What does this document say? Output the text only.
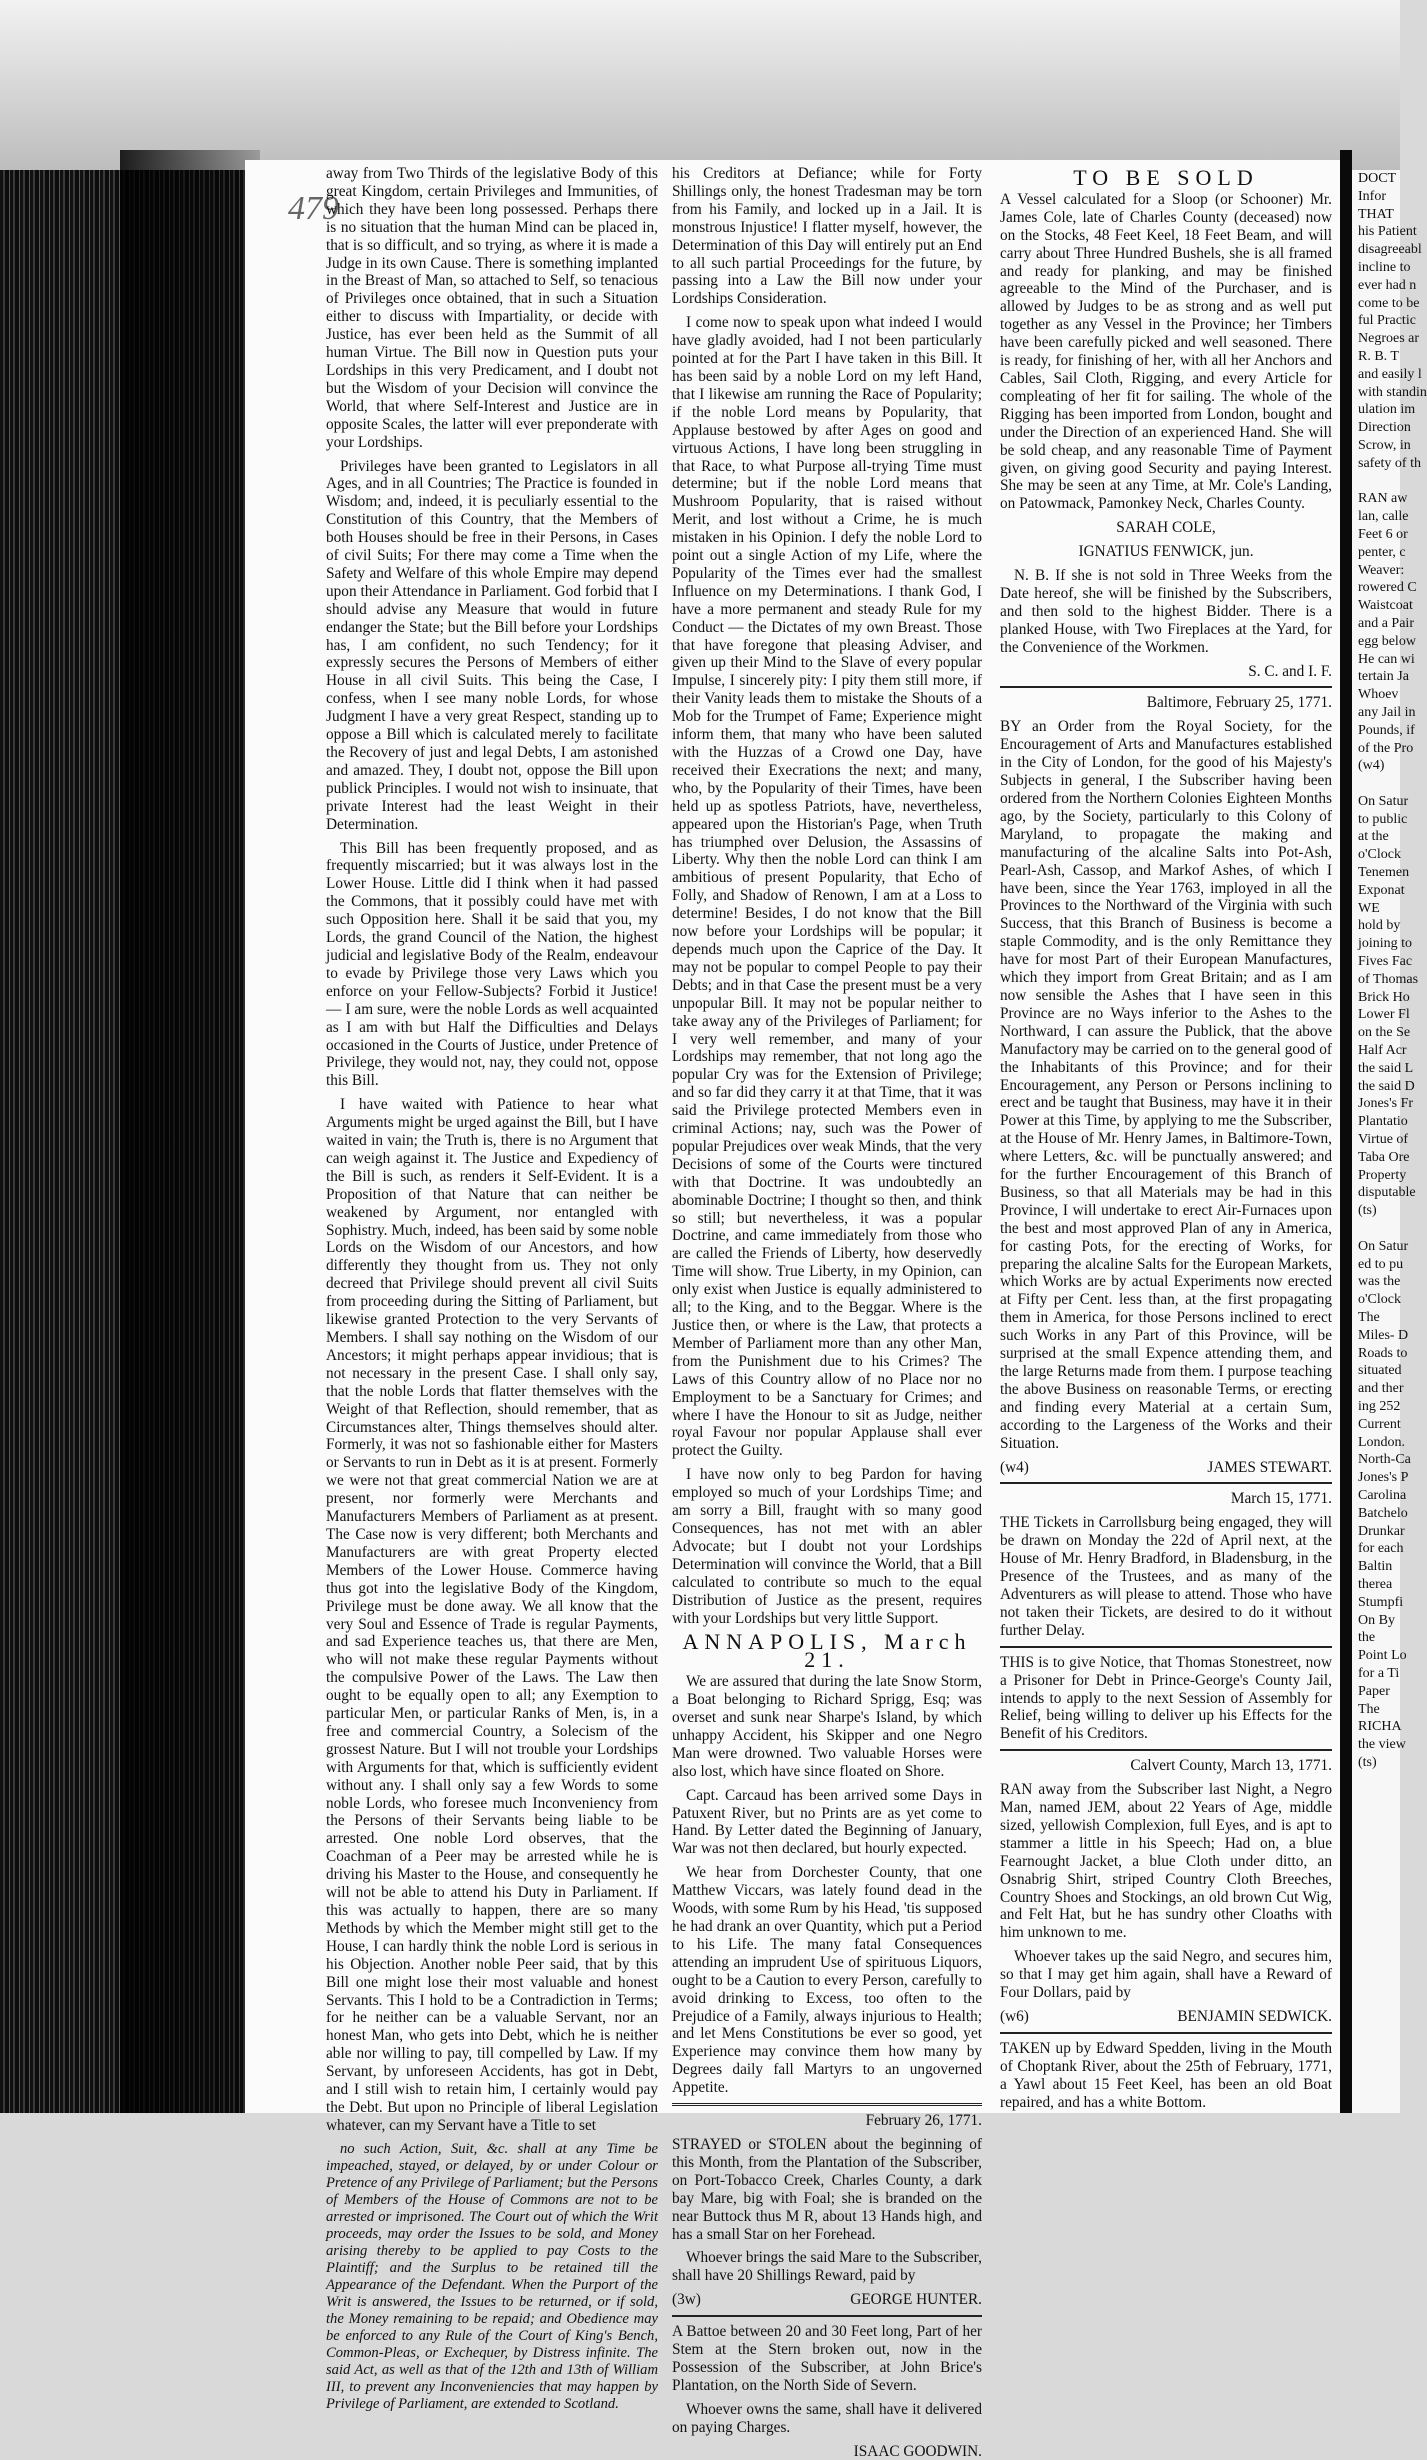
DOCT
Infor
THAT
his Patient
disagreeabl
incline to
ever had n
come to be
ful Practic
Negroes ar
R. B. T
and easily l
with standin
ulation im
Direction
Scrow, in
safety of th
RAN aw
lan, calle
Feet 6 or
penter, c
Weaver:
rowered C
Waistcoat
and a Pair
egg below
He can wi
tertain Ja
Whoev
any Jail in
Pounds, if
of the Pro
(w4)
On Satur
to public
at the
o'Clock
Tenemen
Exponat
WE
hold by
joining to
Fives Fac
of Thomas
Brick Ho
Lower Fl
on the Se
Half Acr
the said L
the said D
Jones's Fr
Plantatio
Virtue of
Taba Ore
Property
disputable
(ts)
On Satur
ed to pu
was the
o'Clock
The
Miles- D
Roads to
situated
and ther
ing 252
Current
London.
North-Ca
Jones's P
Carolina
Batchelo
Drunkar
for each
Baltin
therea
Stumpfi
On By
the
Point Lo
for a Ti
Paper
The
RICHA
the view
(ts)
479

away from Two Thirds of the legislative Body of this great Kingdom, certain Privileges and Immunities, of which they have been long possessed. Perhaps there is no situation that the human Mind can be placed in, that is so difficult, and so trying, as where it is made a Judge in its own Cause. There is something implanted in the Breast of Man, so attached to Self, so tenacious of Privileges once obtained, that in such a Situation either to discuss with Impartiality, or decide with Justice, has ever been held as the Summit of all human Virtue. The Bill now in Question puts your Lordships in this very Predicament, and I doubt not but the Wisdom of your Decision will convince the World, that where Self-Interest and Justice are in opposite Scales, the latter will ever preponderate with your Lordships.

Privileges have been granted to Legislators in all Ages, and in all Countries; The Practice is founded in Wisdom; and, indeed, it is peculiarly essential to the Constitution of this Country, that the Members of both Houses should be free in their Persons, in Cases of civil Suits; For there may come a Time when the Safety and Welfare of this whole Empire may depend upon their Attendance in Parliament. God forbid that I should advise any Measure that would in future endanger the State; but the Bill before your Lordships has, I am confident, no such Tendency; for it expressly secures the Persons of Members of either House in all civil Suits. This being the Case, I confess, when I see many noble Lords, for whose Judgment I have a very great Respect, standing up to oppose a Bill which is calculated merely to facilitate the Recovery of just and legal Debts, I am astonished and amazed. They, I doubt not, oppose the Bill upon publick Principles. I would not wish to insinuate, that private Interest had the least Weight in their Determination.

This Bill has been frequently proposed, and as frequently miscarried; but it was always lost in the Lower House. Little did I think when it had passed the Commons, that it possibly could have met with such Opposition here. Shall it be said that you, my Lords, the grand Council of the Nation, the highest judicial and legislative Body of the Realm, endeavour to evade by Privilege those very Laws which you enforce on your Fellow-Subjects? Forbid it Justice! — I am sure, were the noble Lords as well acquainted as I am with but Half the Difficulties and Delays occasioned in the Courts of Justice, under Pretence of Privilege, they would not, nay, they could not, oppose this Bill.

I have waited with Patience to hear what Arguments might be urged against the Bill, but I have waited in vain; the Truth is, there is no Argument that can weigh against it. The Justice and Expediency of the Bill is such, as renders it Self-Evident. It is a Proposition of that Nature that can neither be weakened by Argument, nor entangled with Sophistry. Much, indeed, has been said by some noble Lords on the Wisdom of our Ancestors, and how differently they thought from us. They not only decreed that Privilege should prevent all civil Suits from proceeding during the Sitting of Parliament, but likewise granted Protection to the very Servants of Members. I shall say nothing on the Wisdom of our Ancestors; it might perhaps appear invidious; that is not necessary in the present Case. I shall only say, that the noble Lords that flatter themselves with the Weight of that Reflection, should remember, that as Circumstances alter, Things themselves should alter. Formerly, it was not so fashionable either for Masters or Servants to run in Debt as it is at present. Formerly we were not that great commercial Nation we are at present, nor formerly were Merchants and Manufacturers Members of Parliament as at present. The Case now is very different; both Merchants and Manufacturers are with great Property elected Members of the Lower House. Commerce having thus got into the legislative Body of the Kingdom, Privilege must be done away. We all know that the very Soul and Essence of Trade is regular Payments, and sad Experience teaches us, that there are Men, who will not make these regular Payments without the compulsive Power of the Laws. The Law then ought to be equally open to all; any Exemption to particular Men, or particular Ranks of Men, is, in a free and commercial Country, a Solecism of the grossest Nature. But I will not trouble your Lordships with Arguments for that, which is sufficiently evident without any. I shall only say a few Words to some noble Lords, who foresee much Inconveniency from the Persons of their Servants being liable to be arrested. One noble Lord observes, that the Coachman of a Peer may be arrested while he is driving his Master to the House, and consequently he will not be able to attend his Duty in Parliament. If this was actually to happen, there are so many Methods by which the Member might still get to the House, I can hardly think the noble Lord is serious in his Objection. Another noble Peer said, that by this Bill one might lose their most valuable and honest Servants. This I hold to be a Contradiction in Terms; for he neither can be a valuable Servant, nor an honest Man, who gets into Debt, which he is neither able nor willing to pay, till compelled by Law. If my Servant, by unforeseen Accidents, has got in Debt, and I still wish to retain him, I certainly would pay the Debt. But upon no Principle of liberal Legislation whatever, can my Servant have a Title to set

no such Action, Suit, &c. shall at any Time be impeached, stayed, or delayed, by or under Colour or Pretence of any Privilege of Parliament; but the Persons of Members of the House of Commons are not to be arrested or imprisoned. The Court out of which the Writ proceeds, may order the Issues to be sold, and Money arising thereby to be applied to pay Costs to the Plaintiff; and the Surplus to be retained till the Appearance of the Defendant. When the Purport of the Writ is answered, the Issues to be returned, or if sold, the Money remaining to be repaid; and Obedience may be enforced to any Rule of the Court of King's Bench, Common-Pleas, or Exchequer, by Distress infinite. The said Act, as well as that of the 12th and 13th of William III, to prevent any Inconveniencies that may happen by Privilege of Parliament, are extended to Scotland.

his Creditors at Defiance; while for Forty Shillings only, the honest Tradesman may be torn from his Family, and locked up in a Jail. It is monstrous Injustice! I flatter myself, however, the Determination of this Day will entirely put an End to all such partial Proceedings for the future, by passing into a Law the Bill now under your Lordships Consideration.

I come now to speak upon what indeed I would have gladly avoided, had I not been particularly pointed at for the Part I have taken in this Bill. It has been said by a noble Lord on my left Hand, that I likewise am running the Race of Popularity; if the noble Lord means by Popularity, that Applause bestowed by after Ages on good and virtuous Actions, I have long been struggling in that Race, to what Purpose all-trying Time must determine; but if the noble Lord means that Mushroom Popularity, that is raised without Merit, and lost without a Crime, he is much mistaken in his Opinion. I defy the noble Lord to point out a single Action of my Life, where the Popularity of the Times ever had the smallest Influence on my Determinations. I thank God, I have a more permanent and steady Rule for my Conduct — the Dictates of my own Breast. Those that have foregone that pleasing Adviser, and given up their Mind to the Slave of every popular Impulse, I sincerely pity: I pity them still more, if their Vanity leads them to mistake the Shouts of a Mob for the Trumpet of Fame; Experience might inform them, that many who have been saluted with the Huzzas of a Crowd one Day, have received their Execrations the next; and many, who, by the Popularity of their Times, have been held up as spotless Patriots, have, nevertheless, appeared upon the Historian's Page, when Truth has triumphed over Delusion, the Assassins of Liberty. Why then the noble Lord can think I am ambitious of present Popularity, that Echo of Folly, and Shadow of Renown, I am at a Loss to determine! Besides, I do not know that the Bill now before your Lordships will be popular; it depends much upon the Caprice of the Day. It may not be popular to compel People to pay their Debts; and in that Case the present must be a very unpopular Bill. It may not be popular neither to take away any of the Privileges of Parliament; for I very well remember, and many of your Lordships may remember, that not long ago the popular Cry was for the Extension of Privilege; and so far did they carry it at that Time, that it was said the Privilege protected Members even in criminal Actions; nay, such was the Power of popular Prejudices over weak Minds, that the very Decisions of some of the Courts were tinctured with that Doctrine. It was undoubtedly an abominable Doctrine; I thought so then, and think so still; but nevertheless, it was a popular Doctrine, and came immediately from those who are called the Friends of Liberty, how deservedly Time will show. True Liberty, in my Opinion, can only exist when Justice is equally administered to all; to the King, and to the Beggar. Where is the Justice then, or where is the Law, that protects a Member of Parliament more than any other Man, from the Punishment due to his Crimes? The Laws of this Country allow of no Place nor no Employment to be a Sanctuary for Crimes; and where I have the Honour to sit as Judge, neither royal Favour nor popular Applause shall ever protect the Guilty.

I have now only to beg Pardon for having employed so much of your Lordships Time; and am sorry a Bill, fraught with so many good Consequences, has not met with an abler Advocate; but I doubt not your Lordships Determination will convince the World, that a Bill calculated to contribute so much to the equal Distribution of Justice as the present, requires with your Lordships but very little Support.

ANNAPOLIS, March 21.

We are assured that during the late Snow Storm, a Boat belonging to Richard Sprigg, Esq; was overset and sunk near Sharpe's Island, by which unhappy Accident, his Skipper and one Negro Man were drowned. Two valuable Horses were also lost, which have since floated on Shore.

Capt. Carcaud has been arrived some Days in Patuxent River, but no Prints are as yet come to Hand. By Letter dated the Beginning of January, War was not then declared, but hourly expected.

We hear from Dorchester County, that one Matthew Viccars, was lately found dead in the Woods, with some Rum by his Head, 'tis supposed he had drank an over Quantity, which put a Period to his Life. The many fatal Consequences attending an imprudent Use of spirituous Liquors, ought to be a Caution to every Person, carefully to avoid drinking to Excess, too often to the Prejudice of a Family, always injurious to Health; and let Mens Constitutions be ever so good, yet Experience may convince them how many by Degrees daily fall Martyrs to an ungoverned Appetite.

February 26, 1771.

STRAYED or STOLEN about the beginning of this Month, from the Plantation of the Subscriber, on Port-Tobacco Creek, Charles County, a dark bay Mare, big with Foal; she is branded on the near Buttock thus M R, about 13 Hands high, and has a small Star on her Forehead.

Whoever brings the said Mare to the Subscriber, shall have 20 Shillings Reward, paid by

(3w)	GEORGE HUNTER.

A Battoe between 20 and 30 Feet long, Part of her Stem at the Stern broken out, now in the Possession of the Subscriber, at John Brice's Plantation, on the North Side of Severn.

Whoever owns the same, shall have it delivered on paying Charges.

ISAAC GOODWIN.

TO BE SOLD

A Vessel calculated for a Sloop (or Schooner) Mr. James Cole, late of Charles County (deceased) now on the Stocks, 48 Feet Keel, 18 Feet Beam, and will carry about Three Hundred Bushels, she is all framed and ready for planking, and may be finished agreeable to the Mind of the Purchaser, and is allowed by Judges to be as strong and as well put together as any Vessel in the Province; her Timbers have been carefully picked and well seasoned. There is ready, for finishing of her, with all her Anchors and Cables, Sail Cloth, Rigging, and every Article for compleating of her fit for sailing. The whole of the Rigging has been imported from London, bought and under the Direction of an experienced Hand. She will be sold cheap, and any reasonable Time of Payment given, on giving good Security and paying Interest. She may be seen at any Time, at Mr. Cole's Landing, on Patowmack, Pamonkey Neck, Charles County.

SARAH COLE,

IGNATIUS FENWICK, jun.

N. B. If she is not sold in Three Weeks from the Date hereof, she will be finished by the Subscribers, and then sold to the highest Bidder. There is a planked House, with Two Fireplaces at the Yard, for the Convenience of the Workmen.

S. C. and I. F.

Baltimore, February 25, 1771.

BY an Order from the Royal Society, for the Encouragement of Arts and Manufactures established in the City of London, for the good of his Majesty's Subjects in general, I the Subscriber having been ordered from the Northern Colonies Eighteen Months ago, by the Society, particularly to this Colony of Maryland, to propagate the making and manufacturing of the alcaline Salts into Pot-Ash, Pearl-Ash, Cassop, and Markof Ashes, of which I have been, since the Year 1763, imployed in all the Provinces to the Northward of the Virginia with such Success, that this Branch of Business is become a staple Commodity, and is the only Remittance they have for most Part of their European Manufactures, which they import from Great Britain; and as I am now sensible the Ashes that I have seen in this Province are no Ways inferior to the Ashes to the Northward, I can assure the Publick, that the above Manufactory may be carried on to the general good of the Inhabitants of this Province; and for their Encouragement, any Person or Persons inclining to erect and be taught that Business, may have it in their Power at this Time, by applying to me the Subscriber, at the House of Mr. Henry James, in Baltimore-Town, where Letters, &c. will be punctually answered; and for the further Encouragement of this Branch of Business, so that all Materials may be had in this Province, I will undertake to erect Air-Furnaces upon the best and most approved Plan of any in America, for casting Pots, for the erecting of Works, for preparing the alcaline Salts for the European Markets, which Works are by actual Experiments now erected at Fifty per Cent. less than, at the first propagating them in America, for those Persons inclined to erect such Works in any Part of this Province, will be surprised at the small Expence attending them, and the large Returns made from them. I purpose teaching the above Business on reasonable Terms, or erecting and finding every Material at a certain Sum, according to the Largeness of the Works and their Situation.

(w4)	JAMES STEWART.

March 15, 1771.

THE Tickets in Carrollsburg being engaged, they will be drawn on Monday the 22d of April next, at the House of Mr. Henry Bradford, in Bladensburg, in the Presence of the Trustees, and as many of the Adventurers as will please to attend. Those who have not taken their Tickets, are desired to do it without further Delay.

THIS is to give Notice, that Thomas Stonestreet, now a Prisoner for Debt in Prince-George's County Jail, intends to apply to the next Session of Assembly for Relief, being willing to deliver up his Effects for the Benefit of his Creditors.

Calvert County, March 13, 1771.

RAN away from the Subscriber last Night, a Negro Man, named JEM, about 22 Years of Age, middle sized, yellowish Complexion, full Eyes, and is apt to stammer a little in his Speech; Had on, a blue Fearnought Jacket, a blue Cloth under ditto, an Osnabrig Shirt, striped Country Cloth Breeches, Country Shoes and Stockings, an old brown Cut Wig, and Felt Hat, but he has sundry other Cloaths with him unknown to me.

Whoever takes up the said Negro, and secures him, so that I may get him again, shall have a Reward of Four Dollars, paid by

(w6)	BENJAMIN SEDWICK.

TAKEN up by Edward Spedden, living in the Mouth of Choptank River, about the 25th of February, 1771, a Yawl about 15 Feet Keel, has been an old Boat repaired, and has a white Bottom.
